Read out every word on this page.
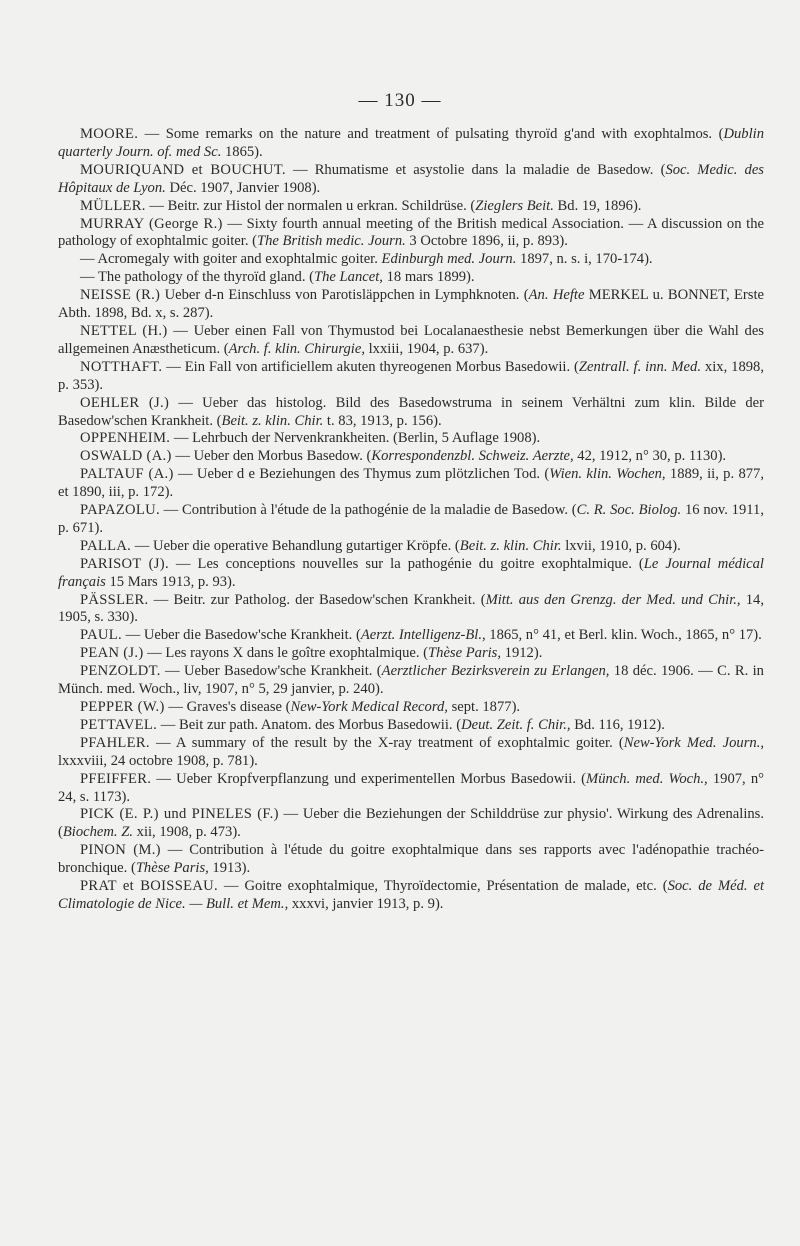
— 130 —

MOORE. — Some remarks on the nature and treatment of pulsating thyroïd g'and with exophtalmos. (Dublin quarterly Journ. of. med Sc. 1865).

MOURIQUAND et BOUCHUT. — Rhumatisme et asystolie dans la maladie de Basedow. (Soc. Medic. des Hôpitaux de Lyon. Déc. 1907, Janvier 1908).

MÜLLER. — Beitr. zur Histol der normalen u erkran. Schildrüse. (Zieglers Beit. Bd. 19, 1896).

MURRAY (George R.) — Sixty fourth annual meeting of the British medical Association. — A discussion on the pathology of exophtalmic goiter. (The British medic. Journ. 3 Octobre 1896, ii, p. 893).

— Acromegaly with goiter and exophtalmic goiter. Edinburgh med. Journ. 1897, n. s. i, 170-174).

— The pathology of the thyroïd gland. (The Lancet, 18 mars 1899).

NEISSE (R.) Ueber d-n Einschluss von Parotisläppchen in Lymphknoten. (An. Hefte MERKEL u. BONNET, Erste Abth. 1898, Bd. x, s. 287).

NETTEL (H.) — Ueber einen Fall von Thymustod bei Localanaesthesie nebst Bemerkungen über die Wahl des allgemeinen Anæstheticum. (Arch. f. klin. Chirurgie, lxxiii, 1904, p. 637).

NOTTHAFT. — Ein Fall von artificiellem akuten thyreogenen Morbus Basedowii. (Zentrall. f. inn. Med. xix, 1898, p. 353).

OEHLER (J.) — Ueber das histolog. Bild des Basedowstruma in seinem Verhältni zum klin. Bilde der Basedow'schen Krankheit. (Beit. z. klin. Chir. t. 83, 1913, p. 156).

OPPENHEIM. — Lehrbuch der Nervenkrankheiten. (Berlin, 5 Auflage 1908).

OSWALD (A.) — Ueber den Morbus Basedow. (Korrespondenzbl. Schweiz. Aerzte, 42, 1912, n° 30, p. 1130).

PALTAUF (A.) — Ueber d e Beziehungen des Thymus zum plötzlichen Tod. (Wien. klin. Wochen, 1889, ii, p. 877, et 1890, iii, p. 172).

PAPAZOLU. — Contribution à l'étude de la pathogénie de la maladie de Basedow. (C. R. Soc. Biolog. 16 nov. 1911, p. 671).

PALLA. — Ueber die operative Behandlung gutartiger Kröpfe. (Beit. z. klin. Chir. lxvii, 1910, p. 604).

PARISOT (J). — Les conceptions nouvelles sur la pathogénie du goitre exophtalmique. (Le Journal médical français 15 Mars 1913, p. 93).

PÄSSLER. — Beitr. zur Patholog. der Basedow'schen Krankheit. (Mitt. aus den Grenzg. der Med. und Chir., 14, 1905, s. 330).

PAUL. — Ueber die Basedow'sche Krankheit. (Aerzt. Intelligenz-Bl., 1865, n° 41, et Berl. klin. Woch., 1865, n° 17).

PEAN (J.) — Les rayons X dans le goître exophtalmique. (Thèse Paris, 1912).

PENZOLDT. — Ueber Basedow'sche Krankheit. (Aerztlicher Bezirksverein zu Erlangen, 18 déc. 1906. — C. R. in Münch. med. Woch., liv, 1907, n° 5, 29 janvier, p. 240).

PEPPER (W.) — Graves's disease (New-York Medical Record, sept. 1877).

PETTAVEL. — Beit zur path. Anatom. des Morbus Basedowii. (Deut. Zeit. f. Chir., Bd. 116, 1912).

PFAHLER. — A summary of the result by the X-ray treatment of exophtalmic goiter. (New-York Med. Journ., lxxxviii, 24 octobre 1908, p. 781).

PFEIFFER. — Ueber Kropfverpflanzung und experimentellen Morbus Basedowii. (Münch. med. Woch., 1907, n° 24, s. 1173).

PICK (E. P.) und PINELES (F.) — Ueber die Beziehungen der Schilddrüse zur physio'. Wirkung des Adrenalins. (Biochem. Z. xii, 1908, p. 473).

PINON (M.) — Contribution à l'étude du goitre exophtalmique dans ses rapports avec l'adénopathie trachéo-bronchique. (Thèse Paris, 1913).

PRAT et BOISSEAU. — Goitre exophtalmique, Thyroïdectomie, Présentation de malade, etc. (Soc. de Méd. et Climatologie de Nice. — Bull. et Mem., xxxvi, janvier 1913, p. 9).
